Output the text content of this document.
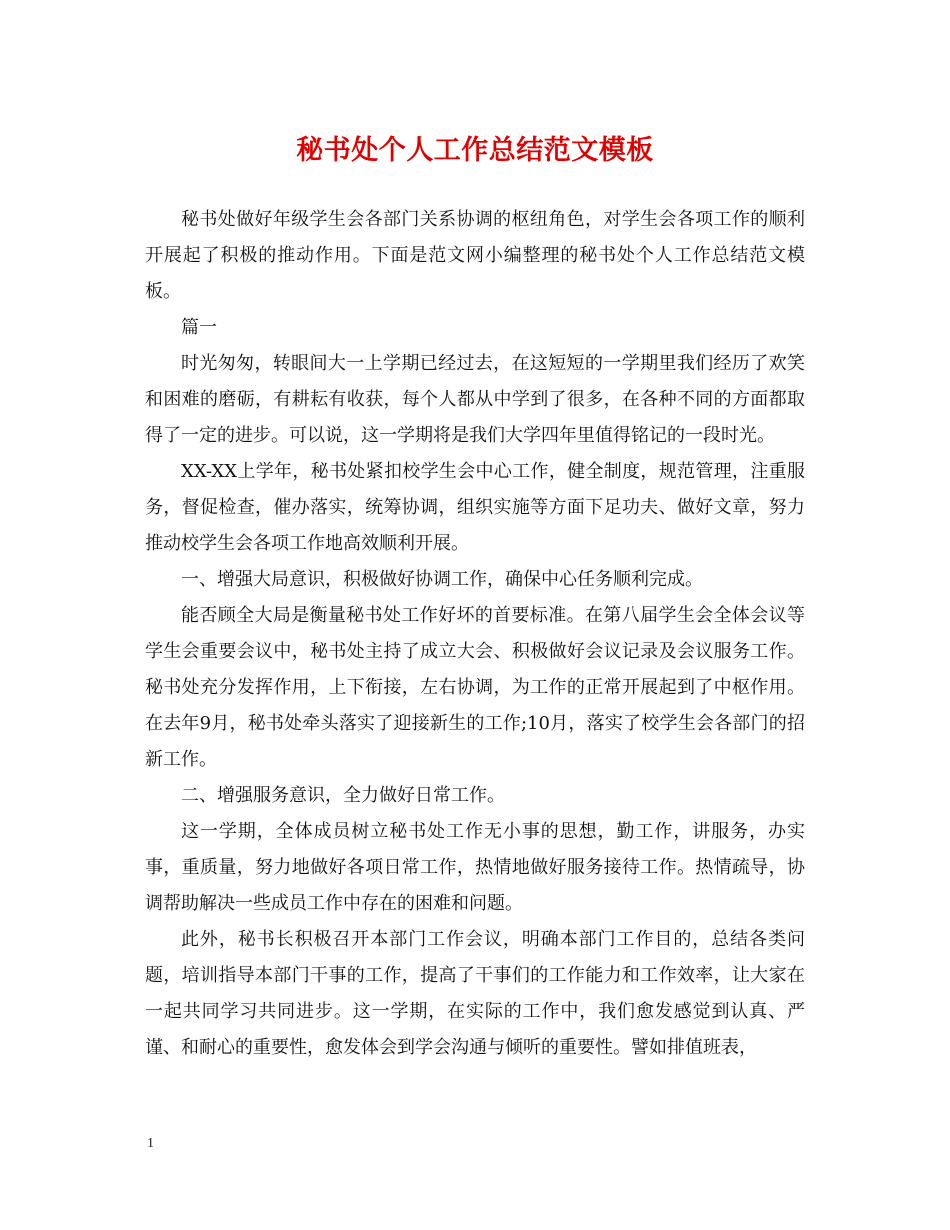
秘书处个人工作总结范文模板

秘书处做好年级学生会各部门关系协调的枢纽角色，对学生会各项工作的顺利开展起了积极的推动作用。下面是范文网小编整理的秘书处个人工作总结范文模板。

篇一

时光匆匆，转眼间大一上学期已经过去，在这短短的一学期里我们经历了欢笑和困难的磨砺，有耕耘有收获，每个人都从中学到了很多，在各种不同的方面都取得了一定的进步。可以说，这一学期将是我们大学四年里值得铭记的一段时光。

XX-XX上学年，秘书处紧扣校学生会中心工作，健全制度，规范管理，注重服务，督促检查，催办落实，统筹协调，组织实施等方面下足功夫、做好文章，努力推动校学生会各项工作地高效顺利开展。

一、增强大局意识，积极做好协调工作，确保中心任务顺利完成。

能否顾全大局是衡量秘书处工作好坏的首要标准。在第八届学生会全体会议等学生会重要会议中，秘书处主持了成立大会、积极做好会议记录及会议服务工作。秘书处充分发挥作用，上下衔接，左右协调，为工作的正常开展起到了中枢作用。在去年9月，秘书处牵头落实了迎接新生的工作;10月，落实了校学生会各部门的招新工作。

二、增强服务意识，全力做好日常工作。

这一学期，全体成员树立秘书处工作无小事的思想，勤工作，讲服务，办实事，重质量，努力地做好各项日常工作，热情地做好服务接待工作。热情疏导，协调帮助解决一些成员工作中存在的困难和问题。

此外，秘书长积极召开本部门工作会议，明确本部门工作目的，总结各类问题，培训指导本部门干事的工作，提高了干事们的工作能力和工作效率，让大家在一起共同学习共同进步。这一学期，在实际的工作中，我们愈发感觉到认真、严谨、和耐心的重要性，愈发体会到学会沟通与倾听的重要性。譬如排值班表，

1
